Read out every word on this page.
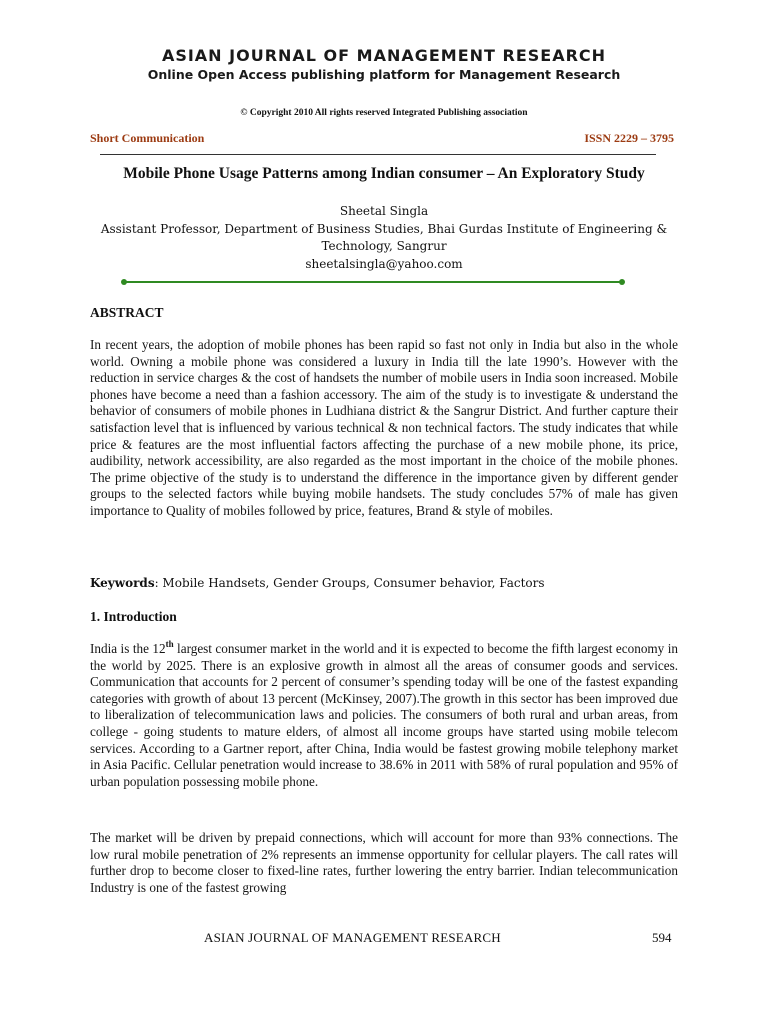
ASIAN JOURNAL OF MANAGEMENT RESEARCH
Online Open Access publishing platform for Management Research
© Copyright 2010 All rights reserved Integrated Publishing association
Short Communication	ISSN 2229 – 3795
Mobile Phone Usage Patterns among Indian consumer – An Exploratory Study
Sheetal Singla
Assistant Professor, Department of Business Studies, Bhai Gurdas Institute of Engineering & Technology, Sangrur
sheetalsingla@yahoo.com
ABSTRACT
In recent years, the adoption of mobile phones has been rapid so fast not only in India but also in the whole world. Owning a mobile phone was considered a luxury in India till the late 1990’s. However with the reduction in service charges & the cost of handsets the number of mobile users in India soon increased. Mobile phones have become a need than a fashion accessory. The aim of the study is to investigate & understand the behavior of consumers of mobile phones in Ludhiana district & the Sangrur District. And further capture their satisfaction level that is influenced by various technical & non technical factors. The study indicates that while price & features are the most influential factors affecting the purchase of a new mobile phone, its price, audibility, network accessibility, are also regarded as the most important in the choice of the mobile phones. The prime objective of the study is to understand the difference in the importance given by different gender groups to the selected factors while buying mobile handsets. The study concludes 57% of male has given importance to Quality of mobiles followed by price, features, Brand & style of mobiles.
Keywords: Mobile Handsets, Gender Groups, Consumer behavior, Factors
1. Introduction
India is the 12th largest consumer market in the world and it is expected to become the fifth largest economy in the world by 2025. There is an explosive growth in almost all the areas of consumer goods and services. Communication that accounts for 2 percent of consumer’s spending today will be one of the fastest expanding categories with growth of about 13 percent (McKinsey, 2007).The growth in this sector has been improved due to liberalization of telecommunication laws and policies. The consumers of both rural and urban areas, from college - going students to mature elders, of almost all income groups have started using mobile telecom services. According to a Gartner report, after China, India would be fastest growing mobile telephony market in Asia Pacific. Cellular penetration would increase to 38.6% in 2011 with 58% of rural population and 95% of urban population possessing mobile phone.
The market will be driven by prepaid connections, which will account for more than 93% connections. The low rural mobile penetration of 2% represents an immense opportunity for cellular players. The call rates will further drop to become closer to fixed-line rates, further lowering the entry barrier. Indian telecommunication Industry is one of the fastest growing
ASIAN JOURNAL OF MANAGEMENT RESEARCH	594
